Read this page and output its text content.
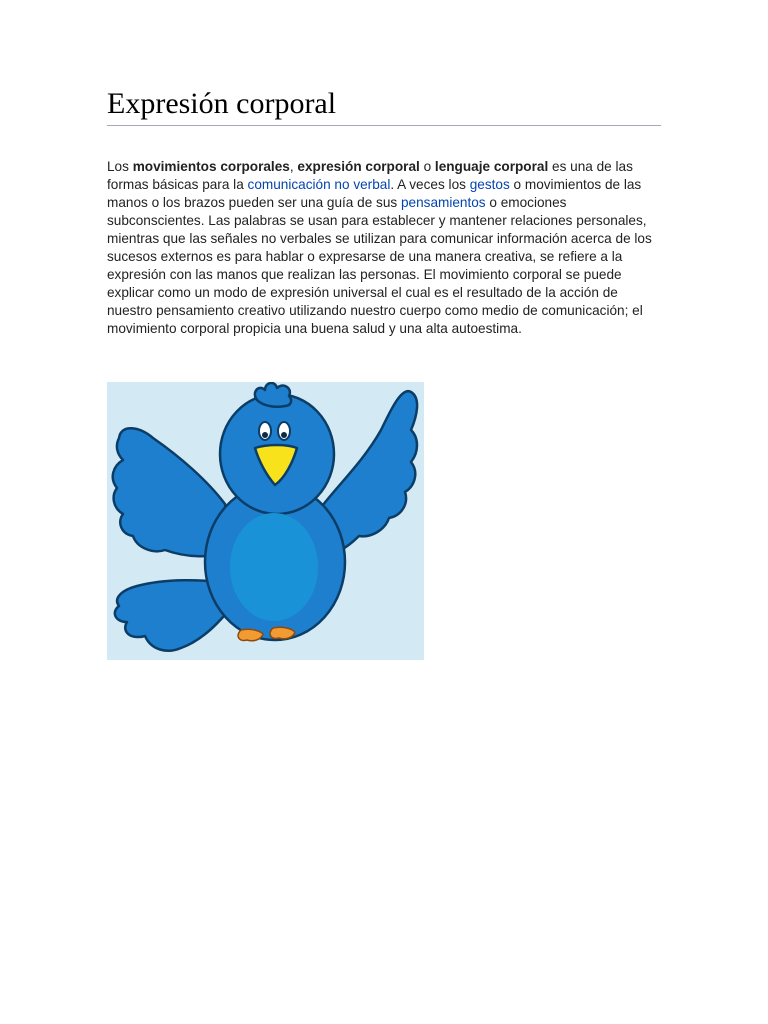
Expresión corporal

Los movimientos corporales, expresión corporal o lenguaje corporal es una de las formas básicas para la comunicación no verbal. A veces los gestos o movimientos de las manos o los brazos pueden ser una guía de sus pensamientos o emociones subconscientes. Las palabras se usan para establecer y mantener relaciones personales, mientras que las señales no verbales se utilizan para comunicar información acerca de los sucesos externos es para hablar o expresarse de una manera creativa, se refiere a la expresión con las manos que realizan las personas. El movimiento corporal se puede explicar como un modo de expresión universal el cual es el resultado de la acción de nuestro pensamiento creativo utilizando nuestro cuerpo como medio de comunicación; el movimiento corporal propicia una buena salud y una alta autoestima.
